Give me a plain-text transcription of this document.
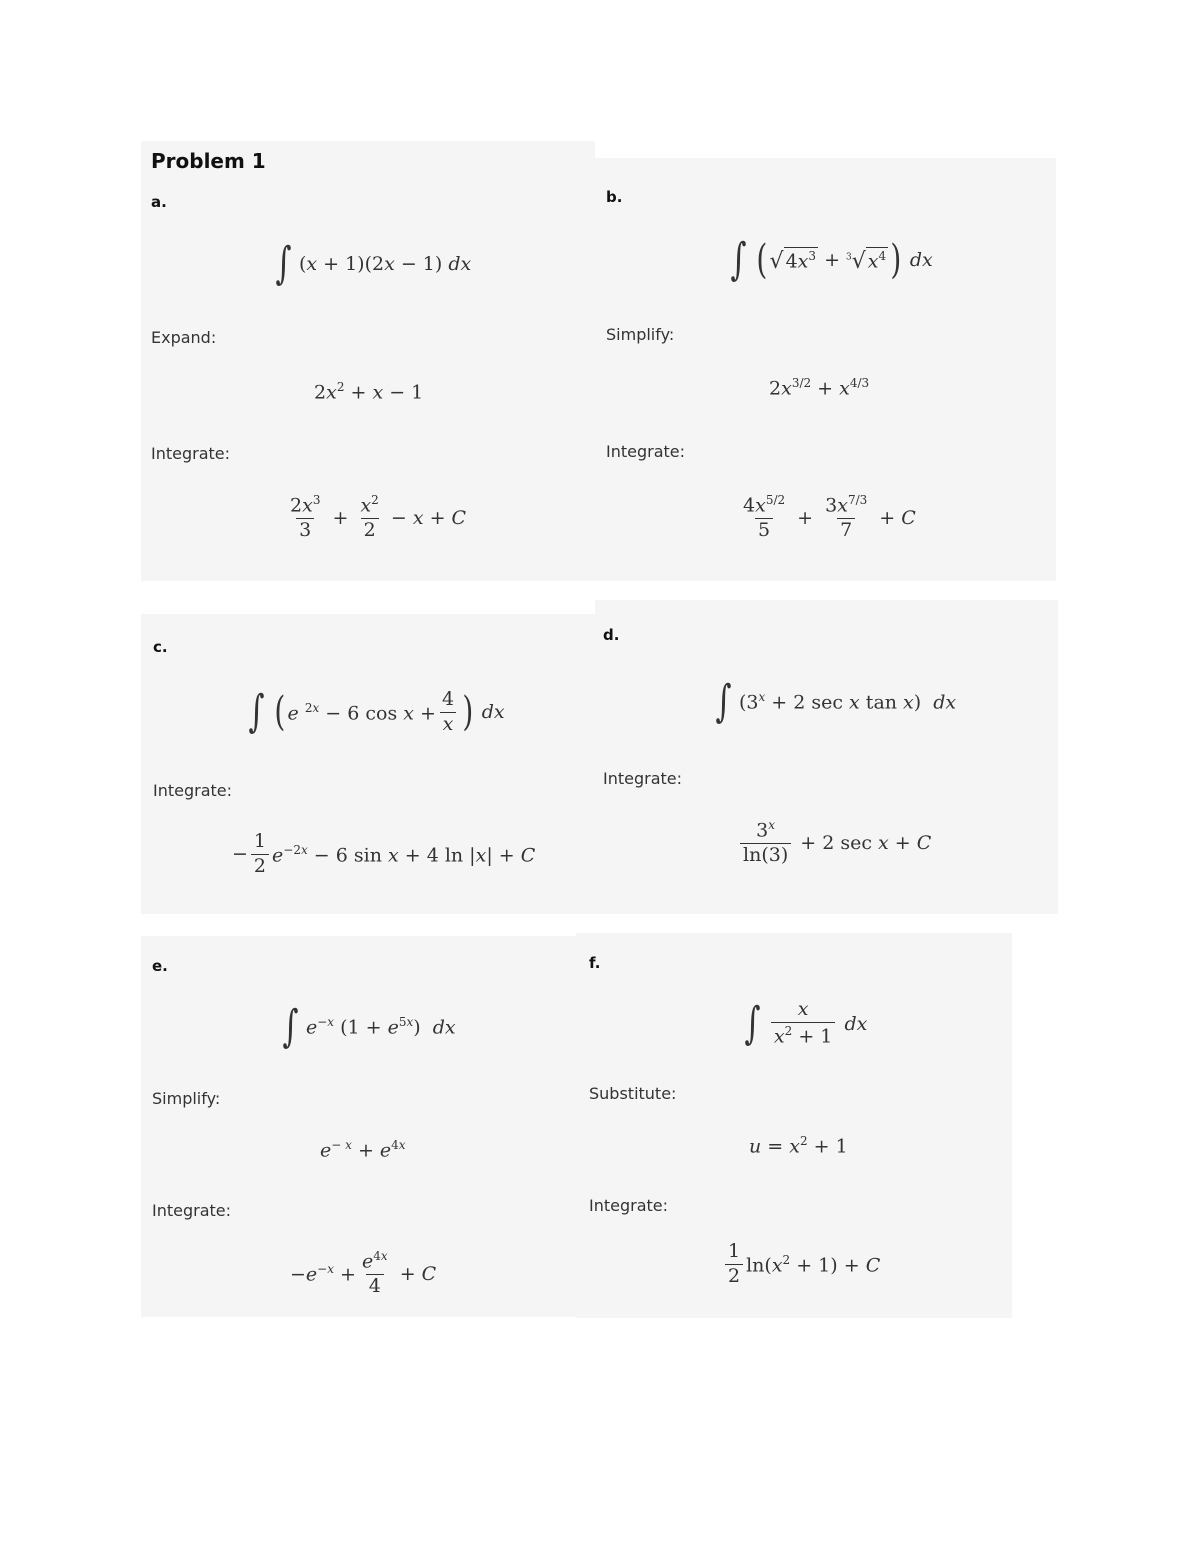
Problem 1
a.
∫ (x + 1)(2x − 1) dx
Expand:
$2x^2 + x - 1$
Integrate:
$\frac{2x^3}{3} + \frac{x^2}{2} - x + C$
b.
∫ ( √ $4x^3 + ^3√$ $x^4$ ) dx
Simplify:
$2x^{3/2} + x^{4/3}$
Integrate:
$\frac{4x^{5/2}}{5} + \frac{3x^{7/3}}{7} + C$
c.
∫ ( e $^{2x}$ − 6 $\cos x + \frac{4}{x}$ ) dx
Integrate:
− $\frac{1}{2} e^{-2x} - 6$ sin x + 4 ln |x| + C
d.
∫ ($3^x + 2$ sec x tan x)  dx
Integrate:
$\frac{3^x}{\ln(3)} + 2$ sec x + C
e.
∫ $e^{-x}$ $(1 + e^{5x})$  dx
Simplify:
$e^{- x} + e^{4x}$
Integrate:
$-e^{-x} + \frac{e^{4x}}{4} + C$
f.
∫ $\frac{x}{x^2 + 1}$ dx
Substitute:
$u = x^2 + 1$
Integrate:
$\frac{1}{2} \ln(x^2 + 1) + C$
